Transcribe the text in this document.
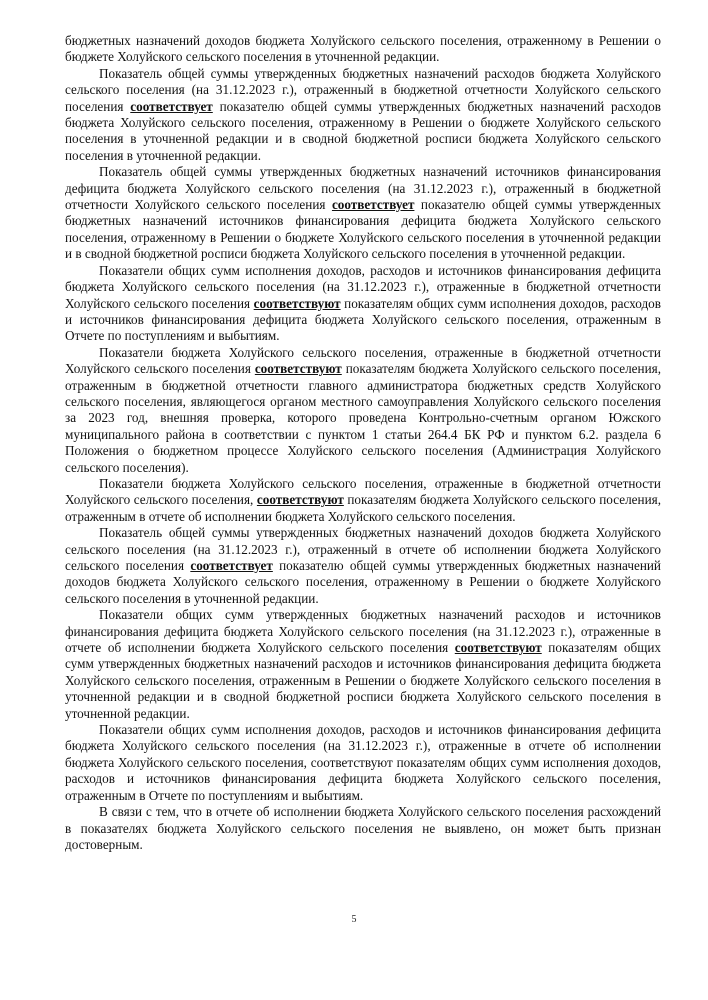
бюджетных назначений доходов бюджета Холуйского сельского поселения, отраженному в Решении о бюджете Холуйского сельского поселения в уточненной редакции.

Показатель общей суммы утвержденных бюджетных назначений расходов бюджета Холуйского сельского поселения (на 31.12.2023 г.), отраженный в бюджетной отчетности Холуйского сельского поселения соответствует показателю общей суммы утвержденных бюджетных назначений расходов бюджета Холуйского сельского поселения, отраженному в Решении о бюджете Холуйского сельского поселения в уточненной редакции и в сводной бюджетной росписи бюджета Холуйского сельского поселения в уточненной редакции.

Показатель общей суммы утвержденных бюджетных назначений источников финансирования дефицита бюджета Холуйского сельского поселения (на 31.12.2023 г.), отраженный в бюджетной отчетности Холуйского сельского поселения соответствует показателю общей суммы утвержденных бюджетных назначений источников финансирования дефицита бюджета Холуйского сельского поселения, отраженному в Решении о бюджете Холуйского сельского поселения в уточненной редакции и в сводной бюджетной росписи бюджета Холуйского сельского поселения в уточненной редакции.

Показатели общих сумм исполнения доходов, расходов и источников финансирования дефицита бюджета Холуйского сельского поселения (на 31.12.2023 г.), отраженные в бюджетной отчетности Холуйского сельского поселения соответствуют показателям общих сумм исполнения доходов, расходов и источников финансирования дефицита бюджета Холуйского сельского поселения, отраженным в Отчете по поступлениям и выбытиям.

Показатели бюджета Холуйского сельского поселения, отраженные в бюджетной отчетности Холуйского сельского поселения соответствуют показателям бюджета Холуйского сельского поселения, отраженным в бюджетной отчетности главного администратора бюджетных средств Холуйского сельского поселения, являющегося органом местного самоуправления Холуйского сельского поселения за 2023 год, внешняя проверка, которого проведена Контрольно-счетным органом Южского муниципального района в соответствии с пунктом 1 статьи 264.4 БК РФ и пунктом 6.2. раздела 6 Положения о бюджетном процессе Холуйского сельского поселения (Администрация Холуйского сельского поселения).

Показатели бюджета Холуйского сельского поселения, отраженные в бюджетной отчетности Холуйского сельского поселения, соответствуют показателям бюджета Холуйского сельского поселения, отраженным в отчете об исполнении бюджета Холуйского сельского поселения.

Показатель общей суммы утвержденных бюджетных назначений доходов бюджета Холуйского сельского поселения (на 31.12.2023 г.), отраженный в отчете об исполнении бюджета Холуйского сельского поселения соответствует показателю общей суммы утвержденных бюджетных назначений доходов бюджета Холуйского сельского поселения, отраженному в Решении о бюджете Холуйского сельского поселения в уточненной редакции.

Показатели общих сумм утвержденных бюджетных назначений расходов и источников финансирования дефицита бюджета Холуйского сельского поселения (на 31.12.2023 г.), отраженные в отчете об исполнении бюджета Холуйского сельского поселения соответствуют показателям общих сумм утвержденных бюджетных назначений расходов и источников финансирования дефицита бюджета Холуйского сельского поселения, отраженным в Решении о бюджете Холуйского сельского поселения в уточненной редакции и в сводной бюджетной росписи бюджета Холуйского сельского поселения в уточненной редакции.

Показатели общих сумм исполнения доходов, расходов и источников финансирования дефицита бюджета Холуйского сельского поселения (на 31.12.2023 г.), отраженные в отчете об исполнении бюджета Холуйского сельского поселения, соответствуют показателям общих сумм исполнения доходов, расходов и источников финансирования дефицита бюджета Холуйского сельского поселения, отраженным в Отчете по поступлениям и выбытиям.

В связи с тем, что в отчете об исполнении бюджета Холуйского сельского поселения расхождений в показателях бюджета Холуйского сельского поселения не выявлено, он может быть признан достоверным.

5
